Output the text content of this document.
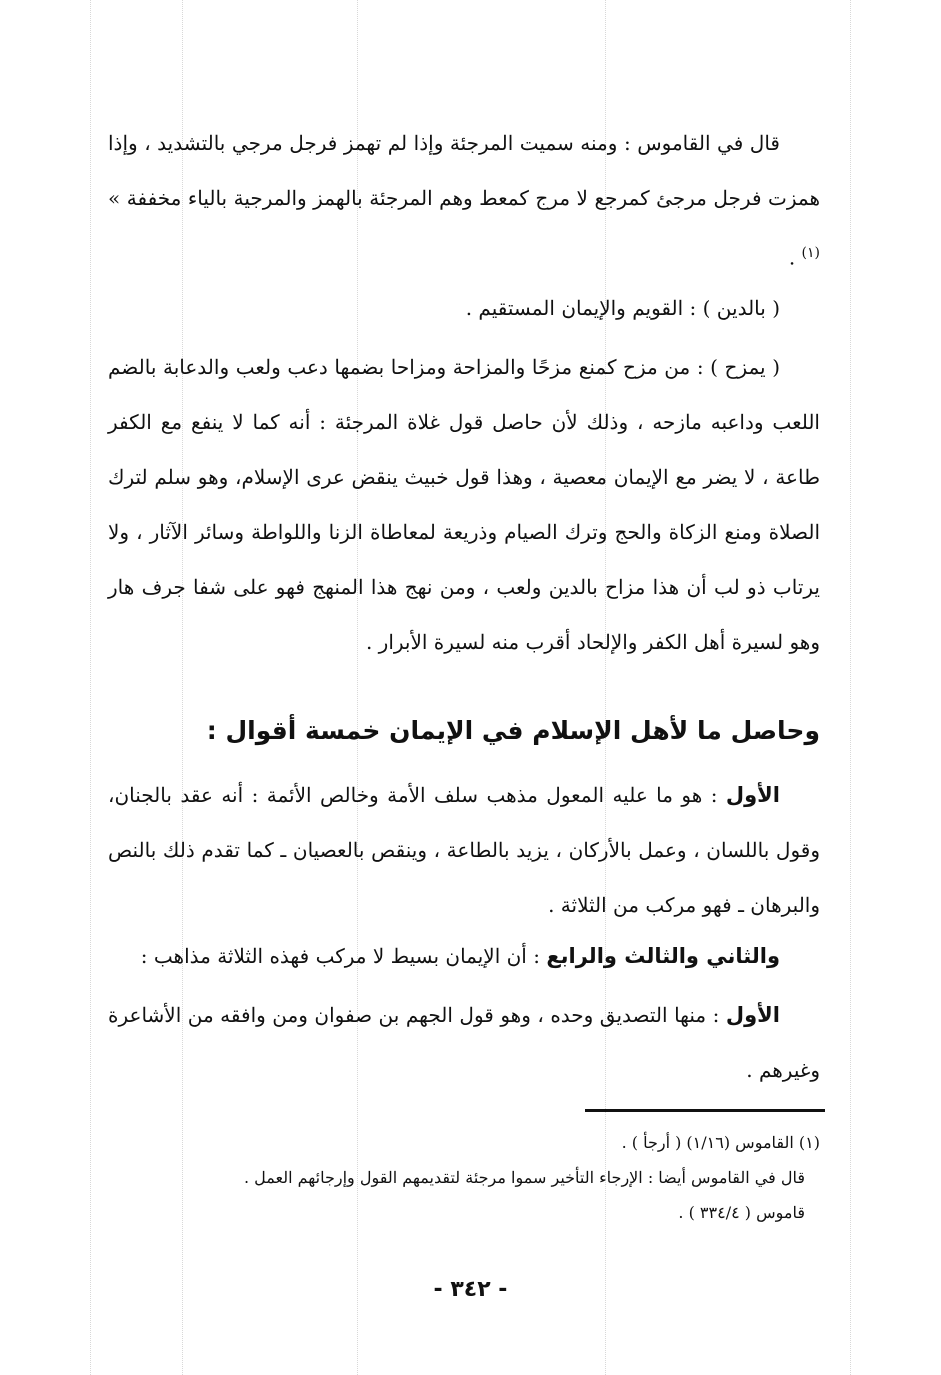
قال في القاموس : ومنه سميت المرجئة وإذا لم تهمز فرجل مرجي بالتشديد ، وإذا همزت فرجل مرجئ كمرجع لا مرج كمعط وهم المرجئة بالهمز والمرجية بالياء مخففة » $^{(١)}$ .

( بالدين ) : القويم والإيمان المستقيم .

( يمزح ) : من مزح كمنع مزحًا والمزاحة ومزاحا بضمها دعب ولعب والدعابة بالضم اللعب وداعبه مازحه ، وذلك لأن حاصل قول غلاة المرجئة : أنه كما لا ينفع مع الكفر طاعة ، لا يضر مع الإيمان معصية ، وهذا قول خبيث ينقض عرى الإسلام، وهو سلم لترك الصلاة ومنع الزكاة والحج وترك الصيام وذريعة لمعاطاة الزنا واللواطة وسائر الآثار ، ولا يرتاب ذو لب أن هذا مزاح بالدين ولعب ، ومن نهج هذا المنهج فهو على شفا جرف هار وهو لسيرة أهل الكفر والإلحاد أقرب منه لسيرة الأبرار .

وحاصل ما لأهل الإسلام في الإيمان خمسة أقوال :

الأول : هو ما عليه المعول مذهب سلف الأمة وخالص الأئمة : أنه عقد بالجنان، وقول باللسان ، وعمل بالأركان ، يزيد بالطاعة ، وينقص بالعصيان ـ كما تقدم ذلك بالنص والبرهان ـ فهو مركب من الثلاثة .

والثاني والثالث والرابع : أن الإيمان بسيط لا مركب فهذه الثلاثة مذاهب :

الأول : منها التصديق وحده ، وهو قول الجهم بن صفوان ومن وافقه من الأشاعرة وغيرهم .

(١) القاموس (١/١٦) ( أرجأ ) .

قال في القاموس أيضا : الإرجاء التأخير سموا مرجئة لتقديمهم القول وإرجائهم العمل .

قاموس ( ٣٣٤/٤ ) .

- ٣٤٢ -
